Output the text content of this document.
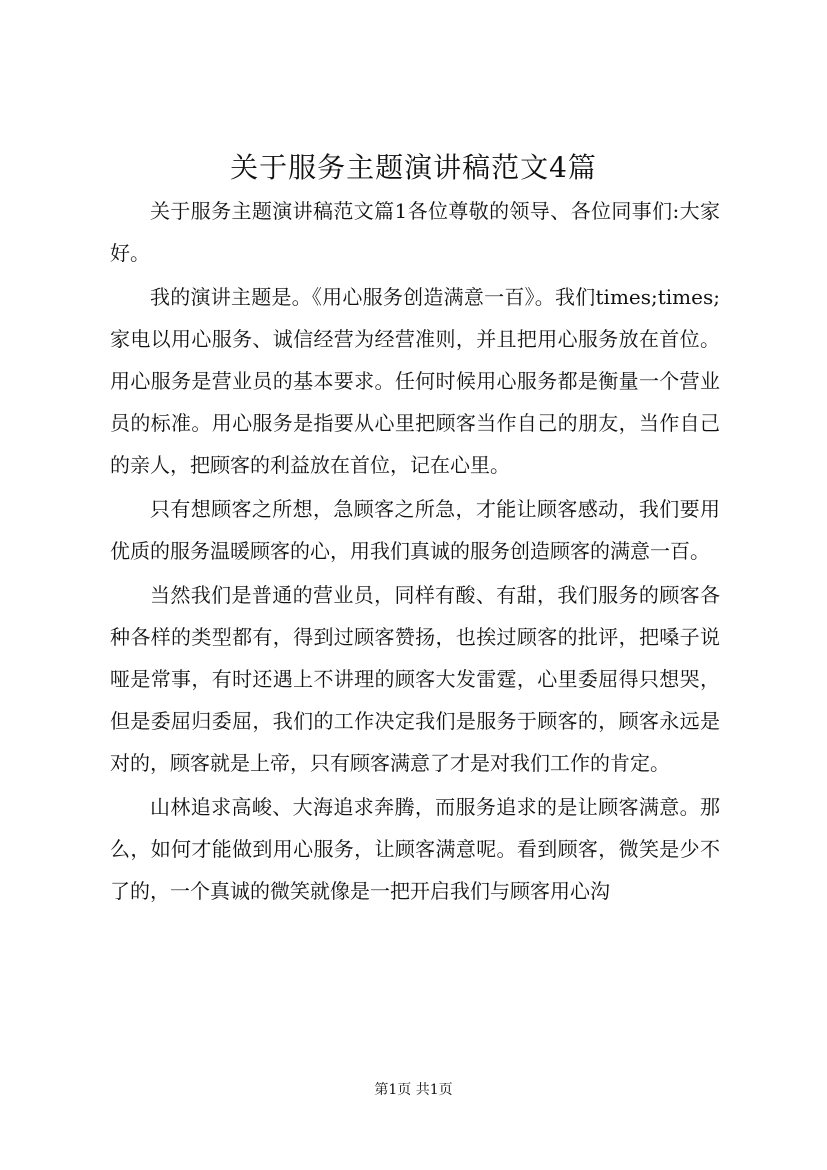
关于服务主题演讲稿范文4篇

关于服务主题演讲稿范文篇1各位尊敬的领导、各位同事们:大家好。

我的演讲主题是。《用心服务创造满意一百》。我们times;times;家电以用心服务、诚信经营为经营准则，并且把用心服务放在首位。用心服务是营业员的基本要求。任何时候用心服务都是衡量一个营业员的标准。用心服务是指要从心里把顾客当作自己的朋友，当作自己的亲人，把顾客的利益放在首位，记在心里。

只有想顾客之所想，急顾客之所急，才能让顾客感动，我们要用优质的服务温暖顾客的心，用我们真诚的服务创造顾客的满意一百。

当然我们是普通的营业员，同样有酸、有甜，我们服务的顾客各种各样的类型都有，得到过顾客赞扬，也挨过顾客的批评，把嗓子说哑是常事，有时还遇上不讲理的顾客大发雷霆，心里委屈得只想哭，但是委屈归委屈，我们的工作决定我们是服务于顾客的，顾客永远是对的，顾客就是上帝，只有顾客满意了才是对我们工作的肯定。

山林追求高峻、大海追求奔腾，而服务追求的是让顾客满意。那么，如何才能做到用心服务，让顾客满意呢。看到顾客，微笑是少不了的，一个真诚的微笑就像是一把开启我们与顾客用心沟

第1页 共1页
